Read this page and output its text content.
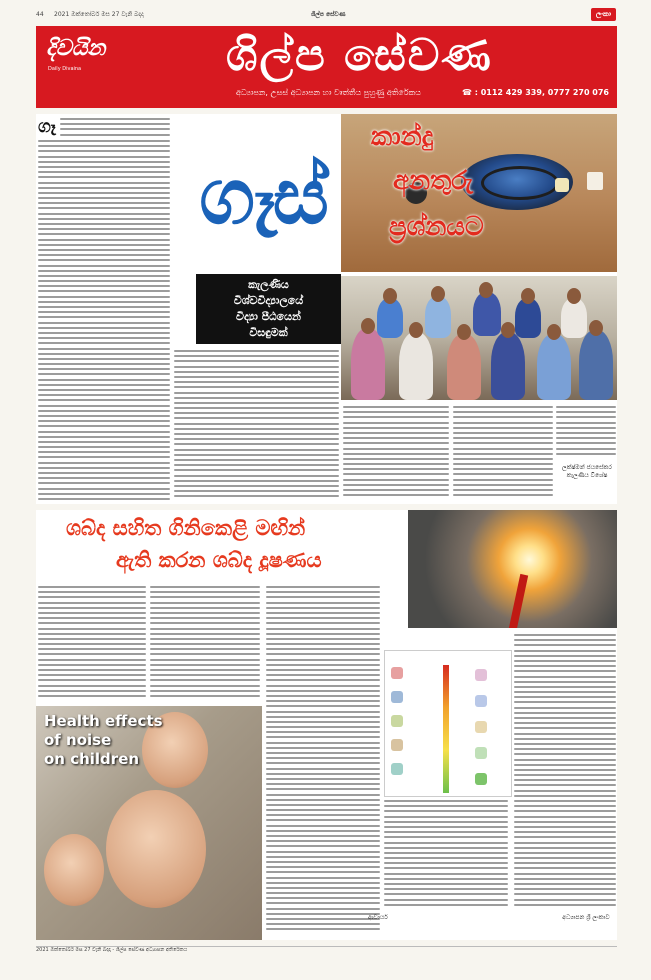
44 2021 ඔක්තෝබර් මස 27 වැනි බදාදා	ශිල්ප සේවණ	ලංකා
දිවයින
Daily Divaina	ශිල්ප සේවණ
අධ්‍යාපන, උසස් අධ්‍යාපන හා වෘත්තීය පුහුණු අතිරේකය	☎ : 0112 429 339, 0777 270 076
ගෑ
ගෑස්
කාන්දු
අනතුරු
ප්‍රශ්නයට
කැලණිය
විශ්වවිද්‍යාලයේ
විද්‍යා පීඨයෙන්
විසඳුමක්
ලක්ෂ්මන් ජයසේකර
කැලණිය විශේෂ
ශබ්ද සහිත ගිනිකෙළි මඟින්
ඇති කරන ශබ්ද දූෂණය
Health effects
of noise
on children
ආචාර්ය	අධ්‍යාපන ශ්‍රී ලංකාව
2021 ඔක්තෝබර් මස 27 වැනි බදාදා - ශිල්ප සේවණ අධ්‍යාපන අතිරේකය
